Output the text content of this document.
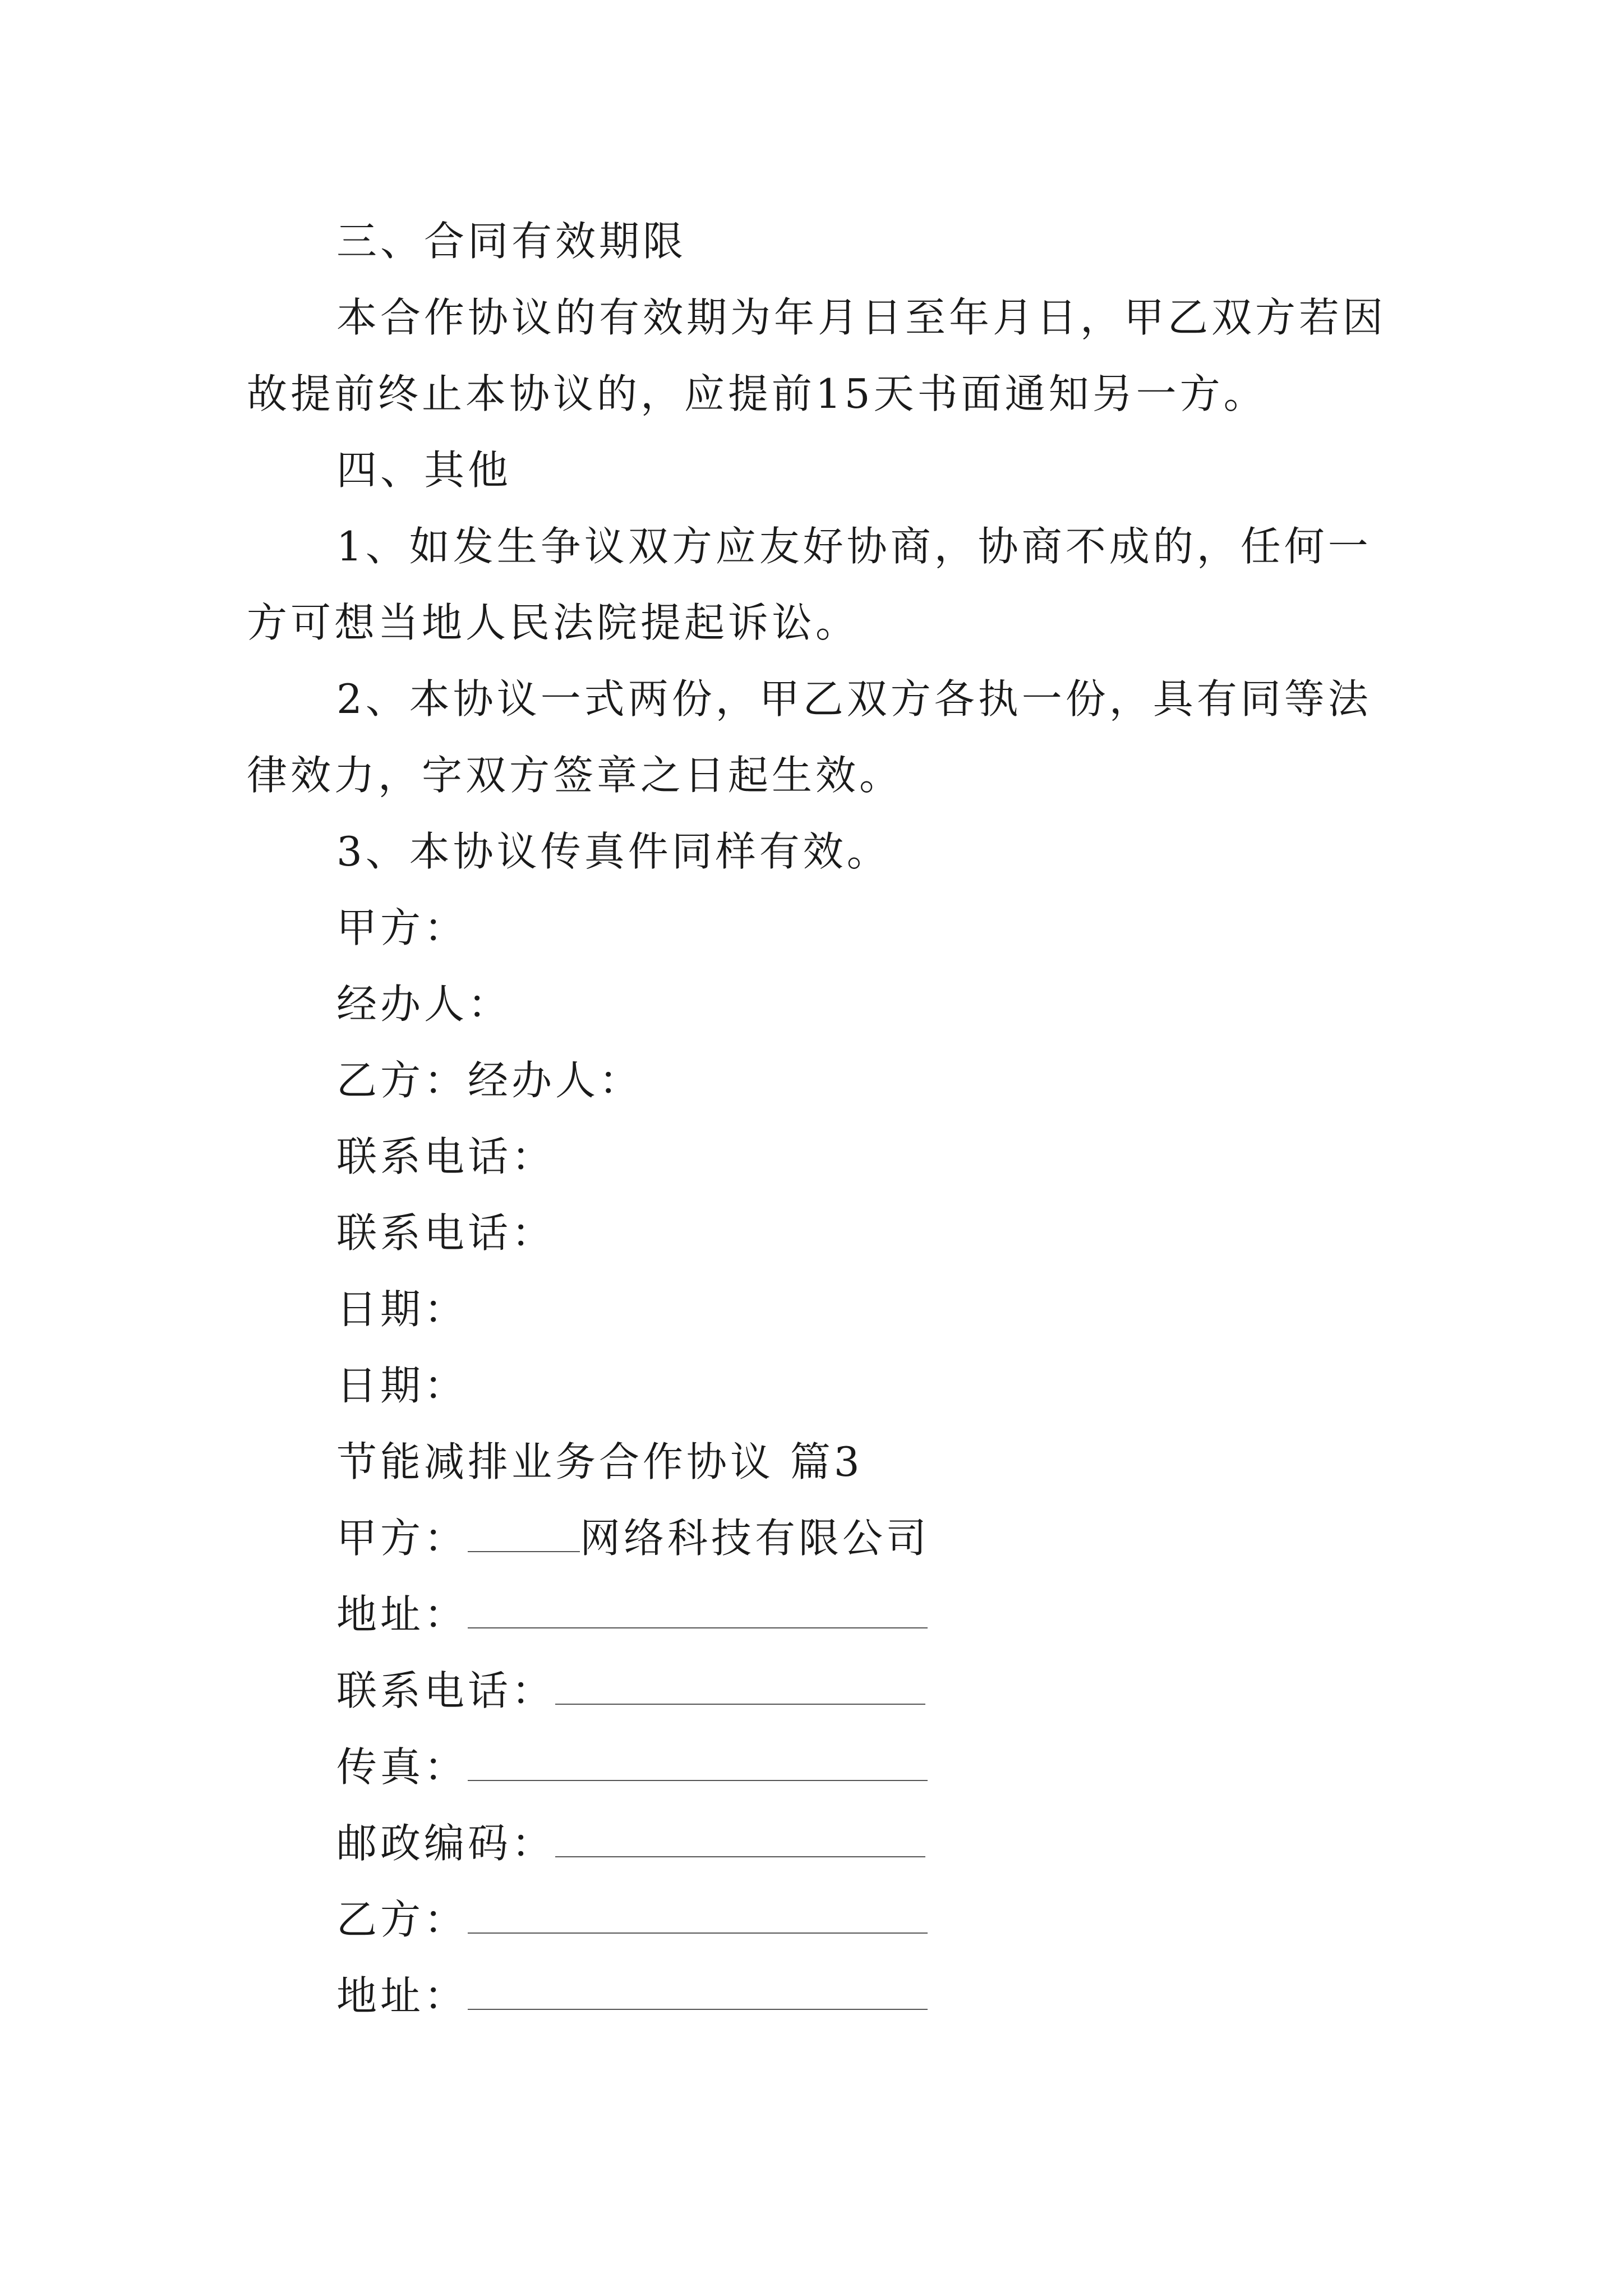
三、合同有效期限
本合作协议的有效期为年月日至年月日，甲乙双方若因
故提前终止本协议的，应提前15天书面通知另一方。
四、其他
1、如发生争议双方应友好协商，协商不成的，任何一
方可想当地人民法院提起诉讼。
2、本协议一式两份，甲乙双方各执一份，具有同等法
律效力，字双方签章之日起生效。
3、本协议传真件同样有效。
甲方：
经办人：
乙方：经办人：
联系电话：
联系电话：
日期：
日期：
节能减排业务合作协议 篇3
甲方：	网络科技有限公司
地址：
联系电话：
传真：
邮政编码：
乙方：
地址：
